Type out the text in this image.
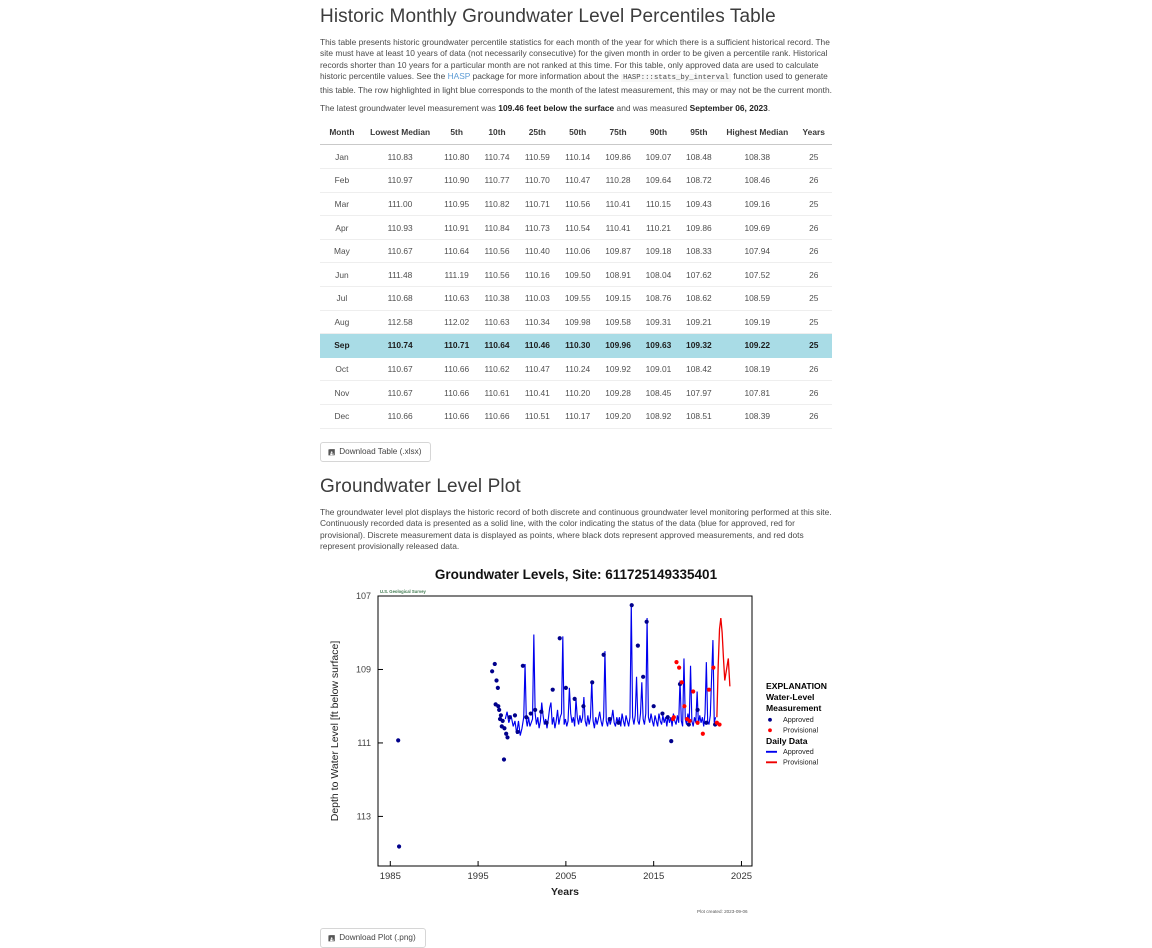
Historic Monthly Groundwater Level Percentiles Table

This table presents historic groundwater percentile statistics for each month of the year for which there is a sufficient historical record. The site must have at least 10 years of data (not necessarily consecutive) for the given month in order to be given a percentile rank. Historical records shorter than 10 years for a particular month are not ranked at this time. For this table, only approved data are used to calculate historic percentile values. See the HASP package for more information about the HASP:::stats_by_interval function used to generate this table. The row highlighted in light blue corresponds to the month of the latest measurement, this may or may not be the current month.

The latest groundwater level measurement was 109.46 feet below the surface and was measured September 06, 2023.

Month	Lowest Median	5th	10th	25th	50th	75th	90th	95th	Highest Median	Years
Jan	110.83	110.80	110.74	110.59	110.14	109.86	109.07	108.48	108.38	25
Feb	110.97	110.90	110.77	110.70	110.47	110.28	109.64	108.72	108.46	26
Mar	111.00	110.95	110.82	110.71	110.56	110.41	110.15	109.43	109.16	25
Apr	110.93	110.91	110.84	110.73	110.54	110.41	110.21	109.86	109.69	26
May	110.67	110.64	110.56	110.40	110.06	109.87	109.18	108.33	107.94	26
Jun	111.48	111.19	110.56	110.16	109.50	108.91	108.04	107.62	107.52	26
Jul	110.68	110.63	110.38	110.03	109.55	109.15	108.76	108.62	108.59	25
Aug	112.58	112.02	110.63	110.34	109.98	109.58	109.31	109.21	109.19	25
Sep	110.74	110.71	110.64	110.46	110.30	109.96	109.63	109.32	109.22	25
Oct	110.67	110.66	110.62	110.47	110.24	109.92	109.01	108.42	108.19	26
Nov	110.67	110.66	110.61	110.41	110.20	109.28	108.45	107.97	107.81	26
Dec	110.66	110.66	110.66	110.51	110.17	109.20	108.92	108.51	108.39	26
🖪 Download Table (.xlsx)
Groundwater Level Plot

The groundwater level plot displays the historic record of both discrete and continuous groundwater level monitoring performed at this site. Continuously recorded data is presented as a solid line, with the color indicating the status of the data (blue for approved, red for provisional). Discrete measurement data is displayed as points, where black dots represent approved measurements, and red dots represent provisionally released data.

Groundwater Levels, Site: 611725149335401
U.S. Geological Survey
107
109
111
113
1985	1995	2005	2015	2025
Years
Depth to Water Level [ft below surface]	EXPLANATION
Water-Level
Measurement
Approved
Provisional
Daily Data
Approved
Provisional
Plot created: 2023-09-06
🖪 Download Plot (.png)
